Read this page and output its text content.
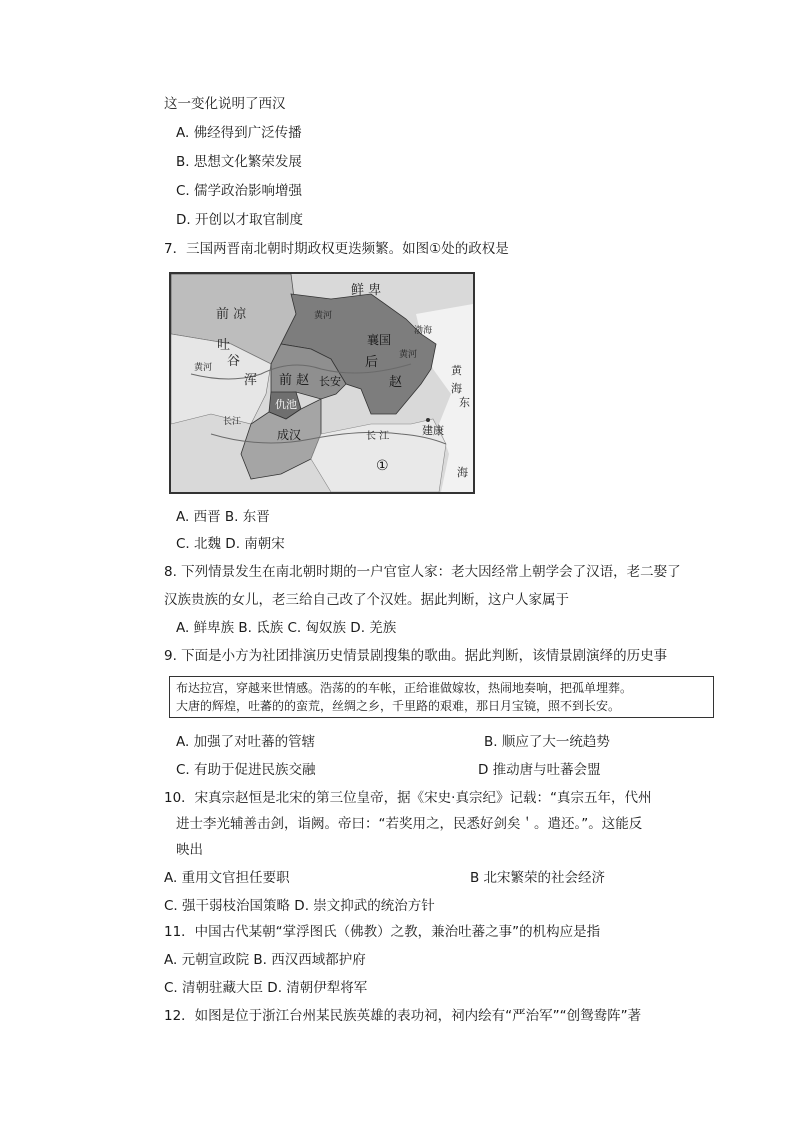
这一变化说明了西汉
A. 佛经得到广泛传播
B. 思想文化繁荣发展
C. 儒学政治影响增强
D. 开创以才取官制度
7．三国两晋南北朝时期政权更迭频繁。如图①处的政权是
鲜 卑
前 凉	黄河
渤海
襄国
吐
谷	后 黄河
黄河	黄
浑 前 赵 长安	赵	海
东
仇池
长江
建康
长 江
成汉
①	海
A. 西晋 B. 东晋
C. 北魏 D. 南朝宋
8. 下列情景发生在南北朝时期的一户官宦人家：老大因经常上朝学会了汉语，老二娶了
汉族贵族的女儿，老三给自己改了个汉姓。据此判断，这户人家属于
A. 鲜卑族 B. 氐族 C. 匈奴族 D. 羌族
9. 下面是小方为社团排演历史情景剧搜集的歌曲。据此判断，该情景剧演绎的历史事
布达拉宫，穿越来世情感。浩荡的的车帐，正给谁做嫁妆，热闹地奏响，把孤单埋葬。
大唐的辉煌，吐蕃的的蛮荒，丝绸之乡，千里路的艰难，那日月宝镜，照不到长安。
A. 加强了对吐蕃的管辖	B. 顺应了大一统趋势
C. 有助于促进民族交融	D 推动唐与吐蕃会盟
10．宋真宗赵恒是北宋的第三位皇帝，据《宋史·真宗纪》记载：“真宗五年，代州
进士李光辅善击剑，诣阙。帝曰：“若奖用之，民悉好剑矣＇。遣还。”。这能反
映出
A. 重用文官担任要职	B 北宋繁荣的社会经济
C. 强干弱枝治国策略 D. 崇文抑武的统治方针
11．中国古代某朝“掌浮图氏（佛教）之教，兼治吐蕃之事”的机构应是指
A. 元朝宣政院 B. 西汉西域都护府
C. 清朝驻藏大臣 D. 清朝伊犁将军
12．如图是位于浙江台州某民族英雄的表功祠，祠内绘有“严治军”“创鸳鸯阵”著
